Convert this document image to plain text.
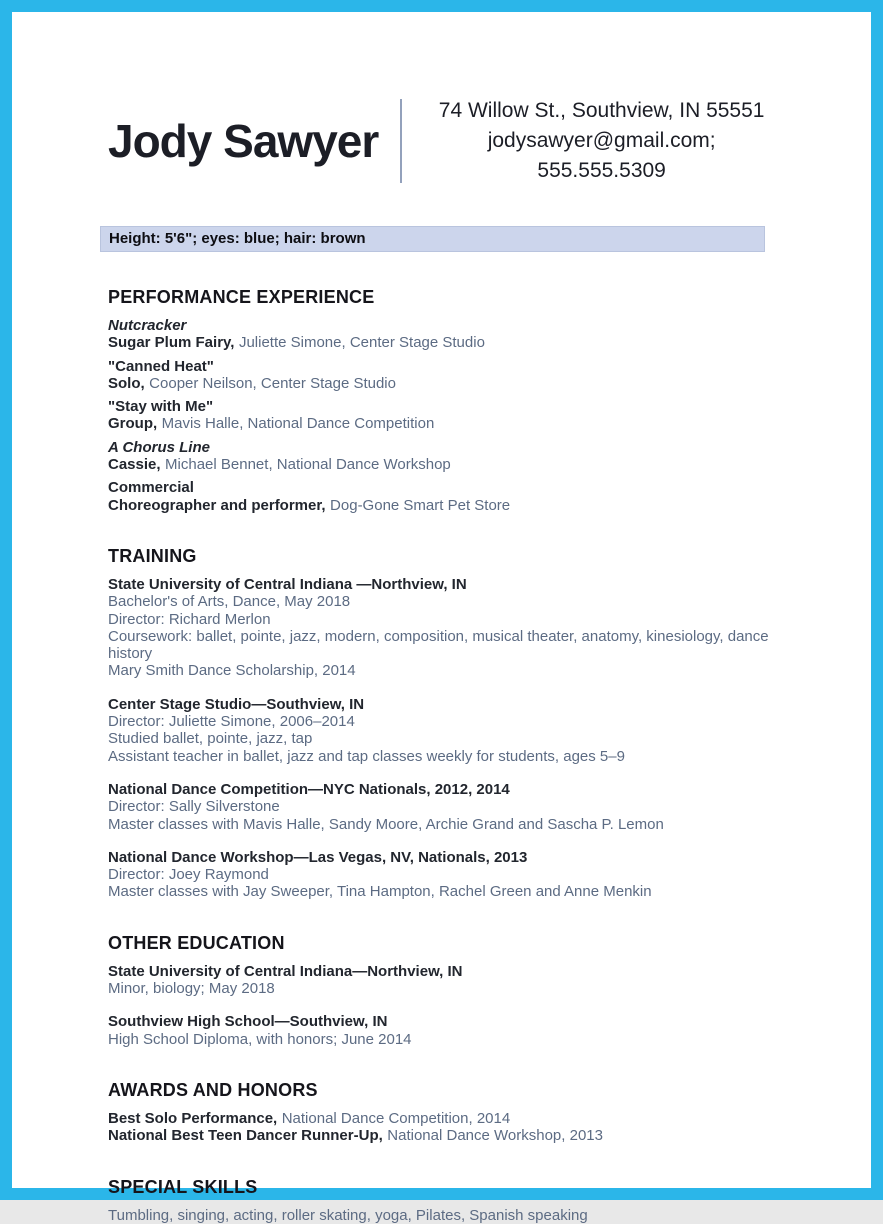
Jody Sawyer
74 Willow St., Southview, IN 55551
jodysawyer@gmail.com; 555.555.5309
Height: 5'6"; eyes: blue; hair: brown
PERFORMANCE EXPERIENCE
Nutcracker
Sugar Plum Fairy, Juliette Simone, Center Stage Studio
"Canned Heat"
Solo, Cooper Neilson, Center Stage Studio
"Stay with Me"
Group, Mavis Halle, National Dance Competition
A Chorus Line
Cassie, Michael Bennet, National Dance Workshop
Commercial
Choreographer and performer, Dog-Gone Smart Pet Store
TRAINING
State University of Central Indiana —Northview, IN
Bachelor's of Arts, Dance, May 2018
Director: Richard Merlon
Coursework: ballet, pointe, jazz, modern, composition, musical theater, anatomy, kinesiology, dance history
Mary Smith Dance Scholarship, 2014
Center Stage Studio—Southview, IN
Director: Juliette Simone, 2006–2014
Studied ballet, pointe, jazz, tap
Assistant teacher in ballet, jazz and tap classes weekly for students, ages 5–9
National Dance Competition—NYC Nationals, 2012, 2014
Director: Sally Silverstone
Master classes with Mavis Halle, Sandy Moore, Archie Grand and Sascha P. Lemon
National Dance Workshop—Las Vegas, NV, Nationals, 2013
Director: Joey Raymond
Master classes with Jay Sweeper, Tina Hampton, Rachel Green and Anne Menkin
OTHER EDUCATION
State University of Central Indiana—Northview, IN
Minor, biology; May 2018
Southview High School—Southview, IN
High School Diploma, with honors; June 2014
AWARDS AND HONORS
Best Solo Performance, National Dance Competition, 2014
National Best Teen Dancer Runner-Up, National Dance Workshop, 2013
SPECIAL SKILLS
Tumbling, singing, acting, roller skating, yoga, Pilates, Spanish speaking
